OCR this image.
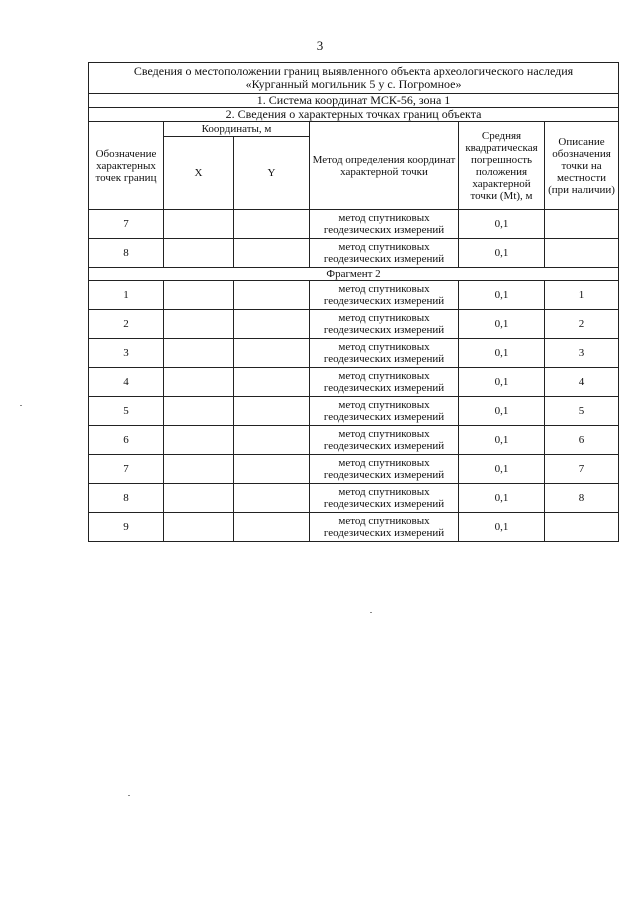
3
Сведения о местоположении границ выявленного объекта археологического наследия
«Курганный могильник 5 у с. Погромное»					
1. Система координат МСК-56, зона 1					
2. Сведения о характерных точках границ объекта					
Обозначение характерных точек границ	Координаты, м		Метод определения координат характерной точки	Средняя квадратическая погрешность положения характерной точки (Mt), м	Описание обозначения точки на местности (при наличии)
	X	Y			
7			метод спутниковых геодезических измерений	0,1	
8			метод спутниковых геодезических измерений	0,1	
Фрагмент 2					
1			метод спутниковых геодезических измерений	0,1	1
2			метод спутниковых геодезических измерений	0,1	2
3			метод спутниковых геодезических измерений	0,1	3
4			метод спутниковых геодезических измерений	0,1	4
5			метод спутниковых геодезических измерений	0,1	5
6			метод спутниковых геодезических измерений	0,1	6
7			метод спутниковых геодезических измерений	0,1	7
8			метод спутниковых геодезических измерений	0,1	8
9			метод спутниковых геодезических измерений	0,1	
